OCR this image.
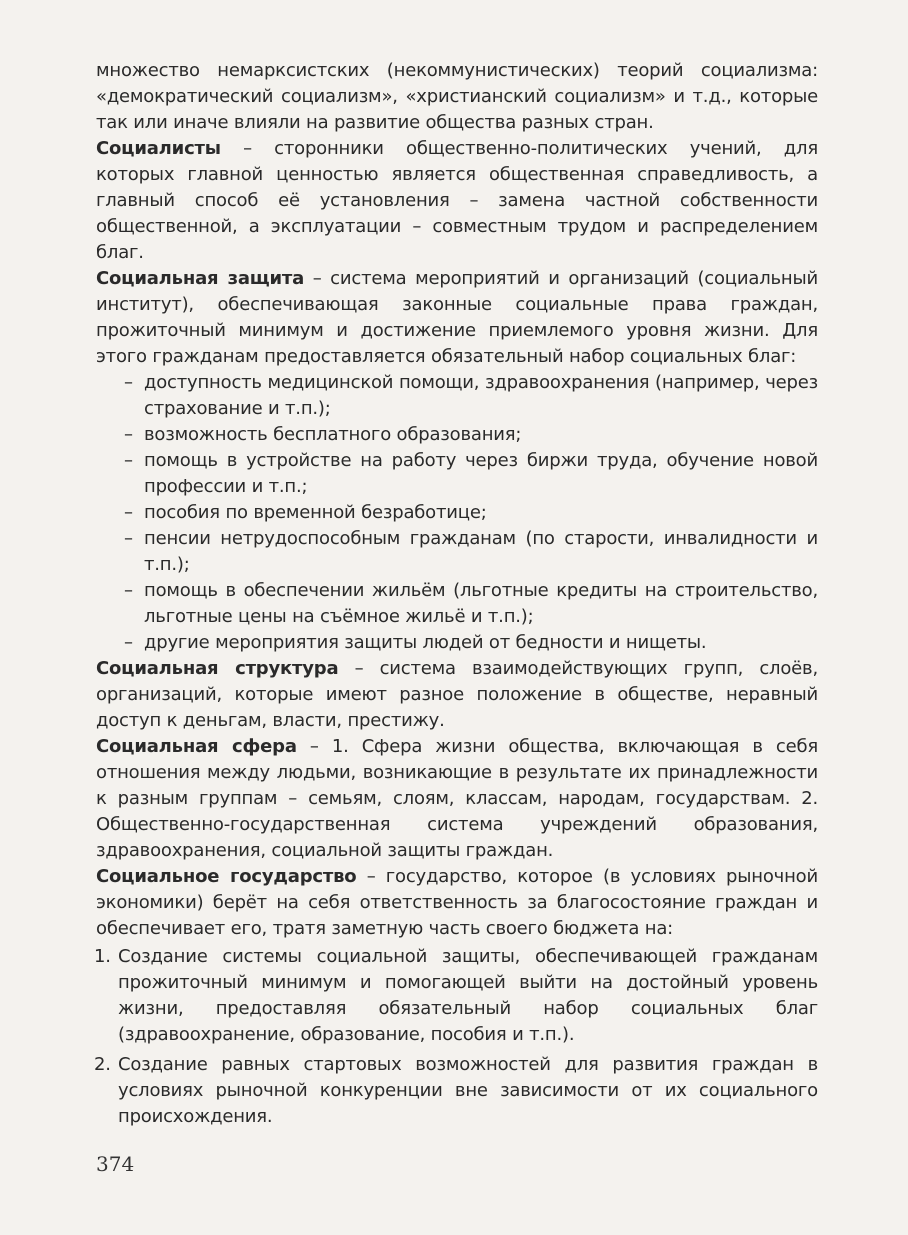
множество немарксистских (некоммунистических) теорий социализма: «демократический социализм», «христианский социализм» и т.д., которые так или иначе влияли на развитие общества разных стран.

Социалисты – сторонники общественно-политических учений, для которых главной ценностью является общественная справедливость, а главный способ её установления – замена частной собственности общественной, а эксплуатации – совместным трудом и распределением благ.

Социальная защита – система мероприятий и организаций (социальный институт), обеспечивающая законные социальные права граждан, прожиточный минимум и достижение приемлемого уровня жизни. Для этого гражданам предоставляется обязательный набор социальных благ:

– доступность медицинской помощи, здравоохранения (например, через страхование и т.п.);
– возможность бесплатного образования;
– помощь в устройстве на работу через биржи труда, обучение новой профессии и т.п.;
– пособия по временной безработице;
– пенсии нетрудоспособным гражданам (по старости, инвалидности и т.п.);
– помощь в обеспечении жильём (льготные кредиты на строительство, льготные цены на съёмное жильё и т.п.);
– другие мероприятия защиты людей от бедности и нищеты.

Социальная структура – система взаимодействующих групп, слоёв, организаций, которые имеют разное положение в обществе, неравный доступ к деньгам, власти, престижу.

Социальная сфера – 1. Сфера жизни общества, включающая в себя отношения между людьми, возникающие в результате их принадлежности к разным группам – семьям, слоям, классам, народам, государствам. 2. Общественно-государственная система учреждений образования, здравоохранения, социальной защиты граждан.

Социальное государство – государство, которое (в условиях рыночной экономики) берёт на себя ответственность за благосостояние граждан и обеспечивает его, тратя заметную часть своего бюджета на:

1. Создание системы социальной защиты, обеспечивающей гражданам прожиточный минимум и помогающей выйти на достойный уровень жизни, предоставляя обязательный набор социальных благ (здравоохранение, образование, пособия и т.п.).
2. Создание равных стартовых возможностей для развития граждан в условиях рыночной конкуренции вне зависимости от их социального происхождения.
374
